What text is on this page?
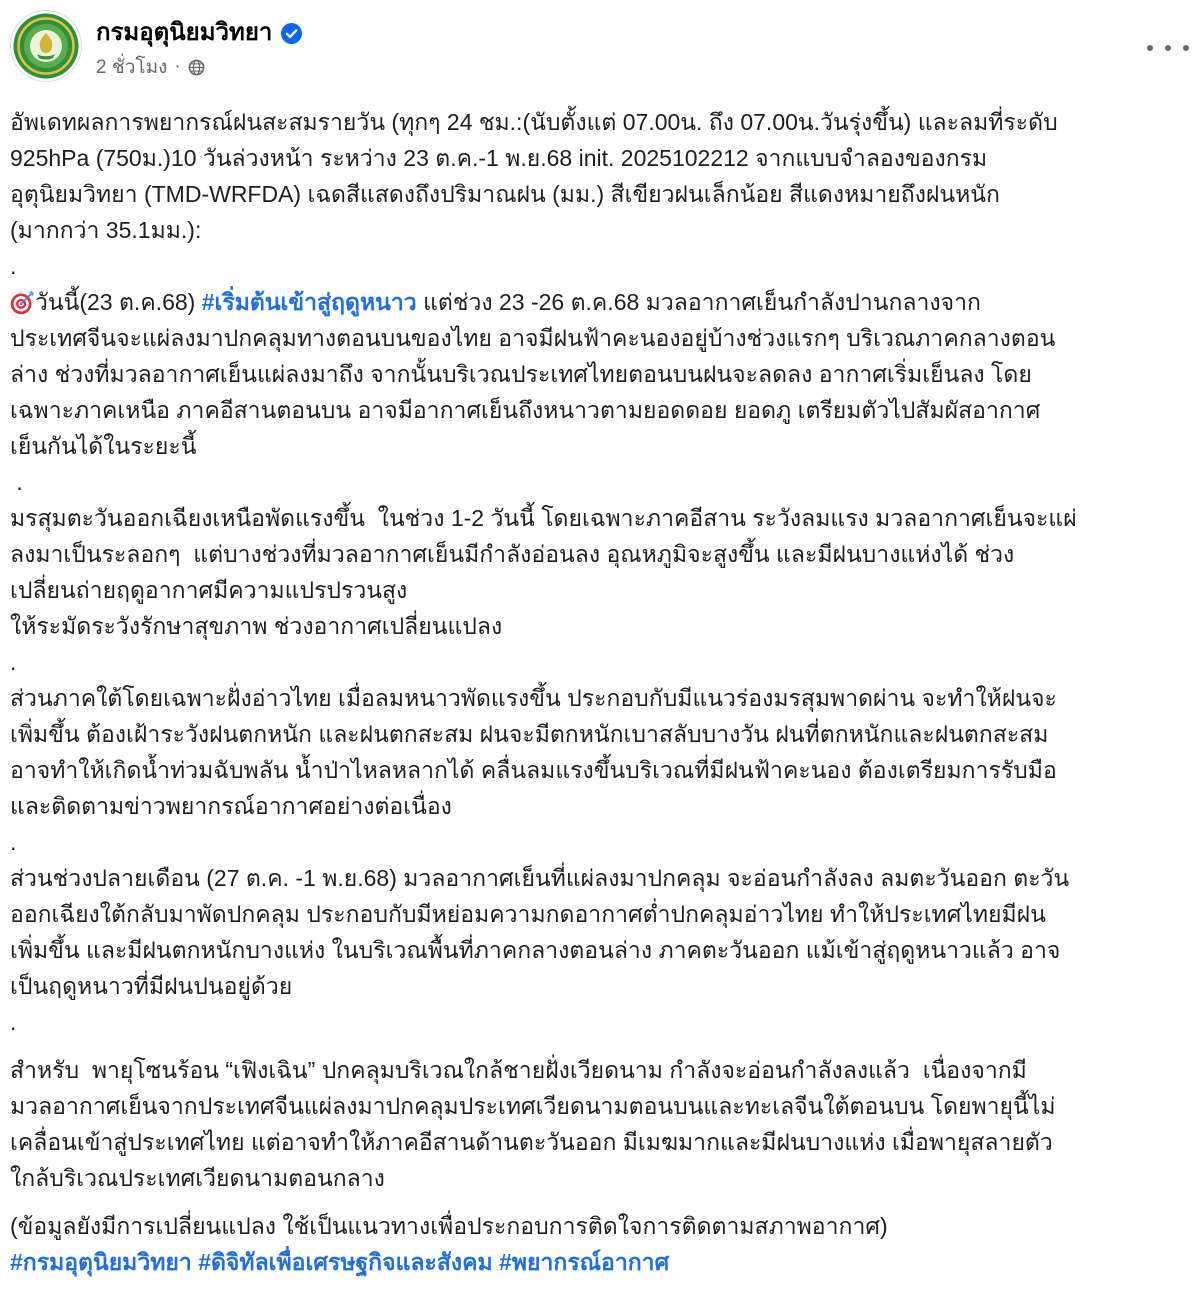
กรมอุตุนิยมวิทยา
2 ชั่วโมง ·
อัพเดทผลการพยากรณ์ฝนสะสมรายวัน (ทุกๆ 24 ชม.:(นับตั้งแต่ 07.00น. ถึง 07.00น.วันรุ่งขึ้น) และลมที่ระดับ
925hPa (750ม.)10 วันล่วงหน้า ระหว่าง 23 ต.ค.-1 พ.ย.68 init. 2025102212 จากแบบจำลองของกรม
อุตุนิยมวิทยา (TMD-WRFDA) เฉดสีแสดงถึงปริมาณฝน (มม.) สีเขียวฝนเล็กน้อย สีแดงหมายถึงฝนหนัก
(มากกว่า 35.1มม.):
.
วันนี้(23 ต.ค.68) #เริ่มต้นเข้าสู่ฤดูหนาว แต่ช่วง 23 -26 ต.ค.68 มวลอากาศเย็นกำลังปานกลางจาก
ประเทศจีนจะแผ่ลงมาปกคลุมทางตอนบนของไทย อาจมีฝนฟ้าคะนองอยู่บ้างช่วงแรกๆ บริเวณภาคกลางตอน
ล่าง ช่วงที่มวลอากาศเย็นแผ่ลงมาถึง จากนั้นบริเวณประเทศไทยตอนบนฝนจะลดลง อากาศเริ่มเย็นลง โดย
เฉพาะภาคเหนือ ภาคอีสานตอนบน อาจมีอากาศเย็นถึงหนาวตามยอดดอย ยอดภู เตรียมตัวไปสัมผัสอากาศ
เย็นกันได้ในระยะนี้
.
มรสุมตะวันออกเฉียงเหนือพัดแรงขึ้น  ในช่วง 1-2 วันนี้ โดยเฉพาะภาคอีสาน ระวังลมแรง มวลอากาศเย็นจะแผ่
ลงมาเป็นระลอกๆ  แต่บางช่วงที่มวลอากาศเย็นมีกำลังอ่อนลง อุณหภูมิจะสูงขึ้น และมีฝนบางแห่งได้ ช่วง
เปลี่ยนถ่ายฤดูอากาศมีความแปรปรวนสูง
ให้ระมัดระวังรักษาสุขภาพ ช่วงอากาศเปลี่ยนแปลง
.
ส่วนภาคใต้โดยเฉพาะฝั่งอ่าวไทย เมื่อลมหนาวพัดแรงขึ้น ประกอบกับมีแนวร่องมรสุมพาดผ่าน จะทำให้ฝนจะ
เพิ่มขึ้น ต้องเฝ้าระวังฝนตกหนัก และฝนตกสะสม ฝนจะมีตกหนักเบาสลับบางวัน ฝนที่ตกหนักและฝนตกสะสม
อาจทำให้เกิดน้ำท่วมฉับพลัน น้ำป่าไหลหลากได้ คลื่นลมแรงขึ้นบริเวณที่มีฝนฟ้าคะนอง ต้องเตรียมการรับมือ
และติดตามข่าวพยากรณ์อากาศอย่างต่อเนื่อง
.
ส่วนช่วงปลายเดือน (27 ต.ค. -1 พ.ย.68) มวลอากาศเย็นที่แผ่ลงมาปกคลุม จะอ่อนกำลังลง ลมตะวันออก ตะวัน
ออกเฉียงใต้กลับมาพัดปกคลุม ประกอบกับมีหย่อมความกดอากาศต่ำปกคลุมอ่าวไทย ทำให้ประเทศไทยมีฝน
เพิ่มขึ้น และมีฝนตกหนักบางแห่ง ในบริเวณพื้นที่ภาคกลางตอนล่าง ภาคตะวันออก แม้เข้าสู่ฤดูหนาวแล้ว อาจ
เป็นฤดูหนาวที่มีฝนปนอยู่ด้วย
.
สำหรับ  พายุโซนร้อน “เฟิงเฉิน” ปกคลุมบริเวณใกล้ชายฝั่งเวียดนาม กำลังจะอ่อนกำลังลงแล้ว  เนื่องจากมี
มวลอากาศเย็นจากประเทศจีนแผ่ลงมาปกคลุมประเทศเวียดนามตอนบนและทะเลจีนใต้ตอนบน โดยพายุนี้ไม่
เคลื่อนเข้าสู่ประเทศไทย แต่อาจทำให้ภาคอีสานด้านตะวันออก มีเมฆมากและมีฝนบางแห่ง เมื่อพายุสลายตัว
ใกล้บริเวณประเทศเวียดนามตอนกลาง
(ข้อมูลยังมีการเปลี่ยนแปลง ใช้เป็นแนวทางเพื่อประกอบการติดใจการติดตามสภาพอากาศ)
#กรมอุตุนิยมวิทยา #ดิจิทัลเพื่อเศรษฐกิจและสังคม #พยากรณ์อากาศ
